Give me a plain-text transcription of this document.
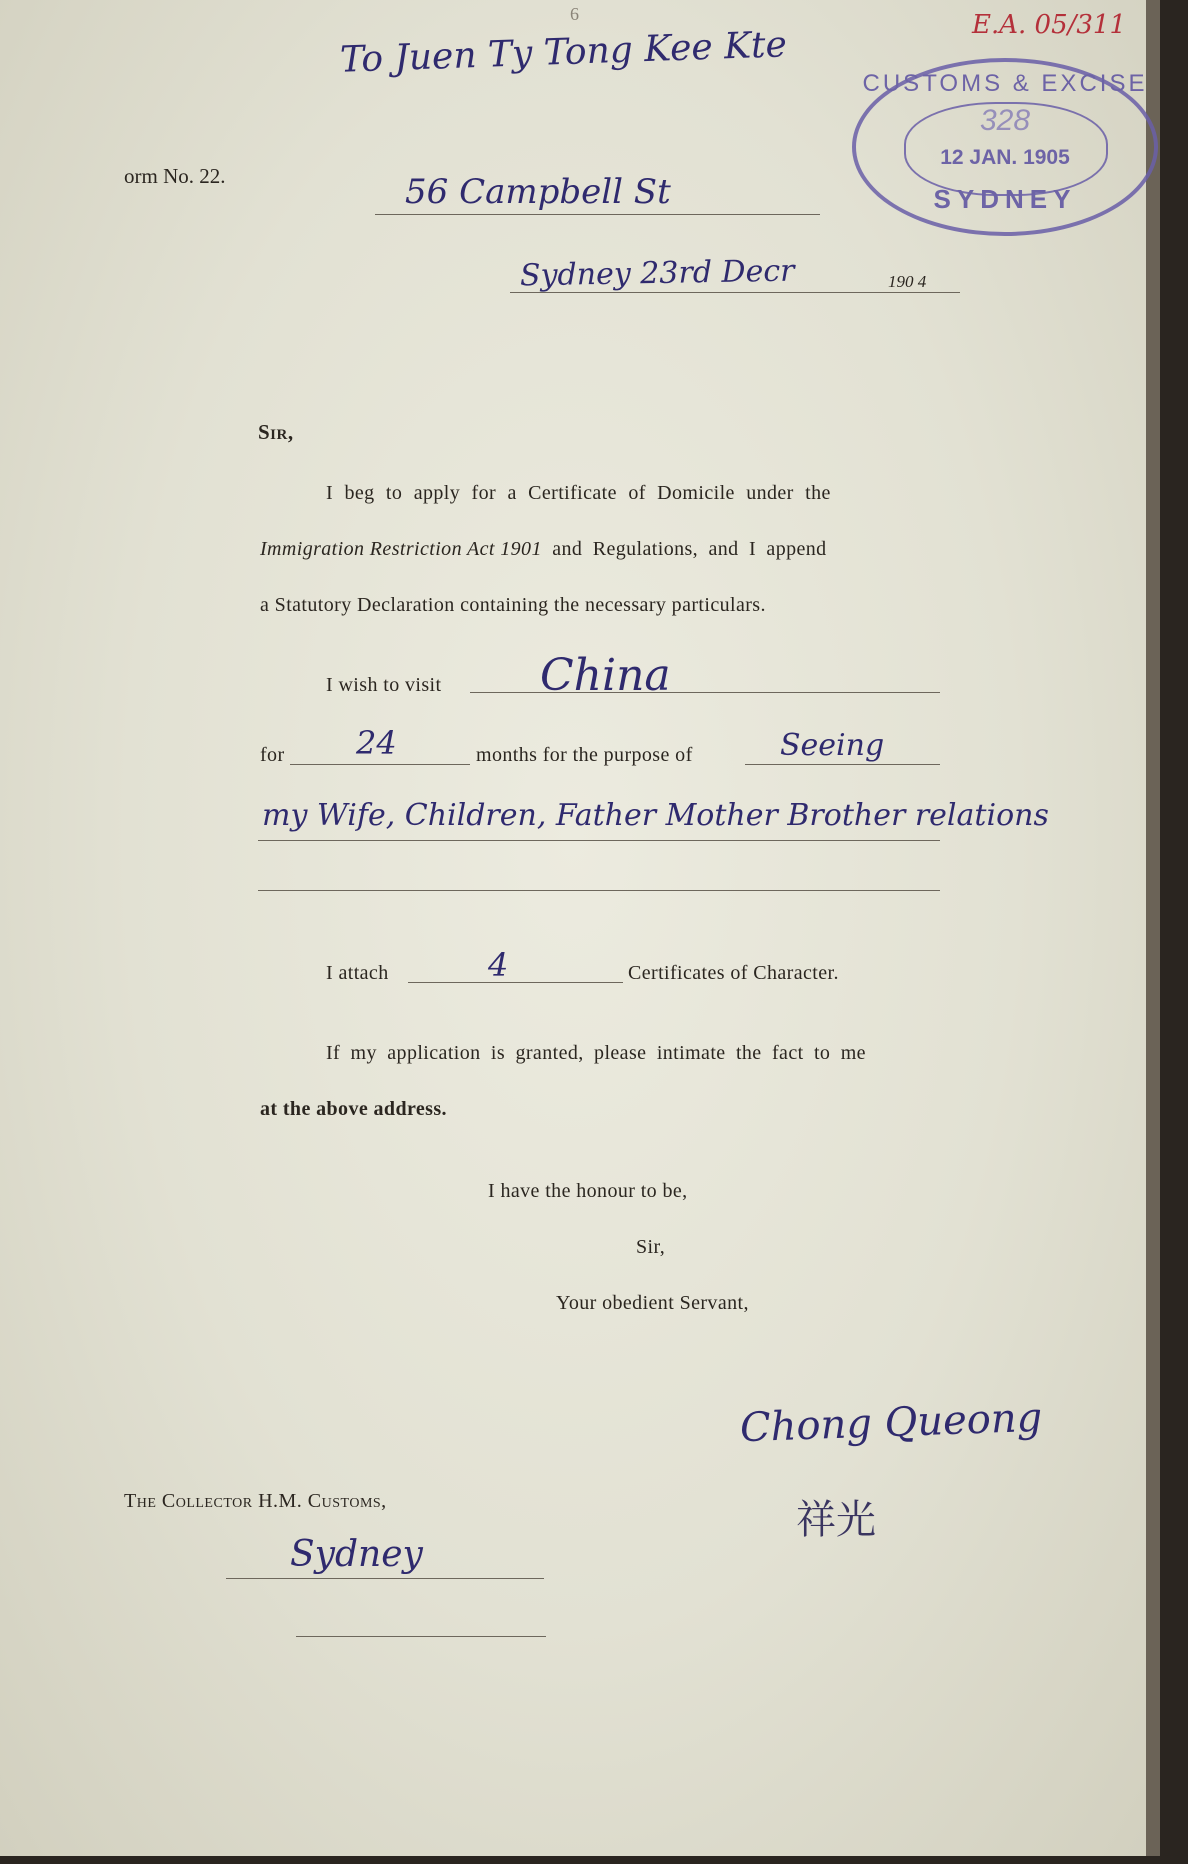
6	E.A. 05/311
To Juen Ty Tong Kee Kte
orm No. 22.	56 Campbell St
Sydney 23rd Decr	190 4
CUSTOMS & EXCISE
328
12 JAN. 1905
SYDNEY
Sir,
I beg to apply for a Certificate of Domicile under the
Immigration Restriction Act 1901 and Regulations, and I append
a Statutory Declaration containing the necessary particulars.
I wish to visit China
for 24	months for the purpose of	Seeing
my Wife, Children, Father Mother Brother relations
I attach	4	Certificates of Character.
If my application is granted, please intimate the fact to me
at the above address.
I have the honour to be,
Sir,
Your obedient Servant,
Chong Queong
祥光
The Collector H.M. Customs,
Sydney
